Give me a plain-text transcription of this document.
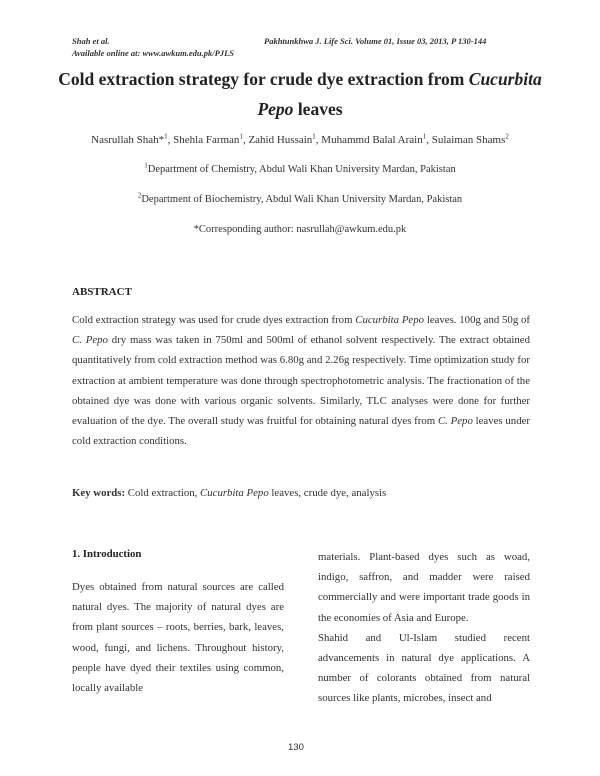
Shah et al.	Pakhtunkhwa J. Life Sci. Volume 01, Issue 03, 2013, P 130-144
Available online at: www.awkum.edu.pk/PJLS
Cold extraction strategy for crude dye extraction from Cucurbita
Pepo leaves
Nasrullah Shah*$^1$, Shehla Farman$^1$, Zahid Hussain$^1$, Muhammd Balal Arain$^1$, Sulaiman Shams$^2$
$^1$Department of Chemistry, Abdul Wali Khan University Mardan, Pakistan
$^2$Department of Biochemistry, Abdul Wali Khan University Mardan, Pakistan
*Corresponding author: nasrullah@awkum.edu.pk
ABSTRACT
Cold extraction strategy was used for crude dyes extraction from Cucurbita Pepo leaves. 100g and 50g of C. Pepo dry mass was taken in 750ml and 500ml of ethanol solvent respectively. The extract obtained quantitatively from cold extraction method was 6.80g and 2.26g respectively. Time optimization study for extraction at ambient temperature was done through spectrophotometric analysis. The fractionation of the obtained dye was done with various organic solvents. Similarly, TLC analyses were done for further evaluation of the dye. The overall study was fruitful for obtaining natural dyes from C. Pepo leaves under cold extraction conditions.
Key words: Cold extraction, Cucurbita Pepo leaves, crude dye, analysis
1. Introduction
Dyes obtained from natural sources are called natural dyes. The majority of natural dyes are from plant sources – roots, berries, bark, leaves, wood, fungi, and lichens. Throughout history, people have dyed their textiles using common, locally available
materials. Plant-based dyes such as woad, indigo, saffron, and madder were raised commercially and were important trade goods in the economies of Asia and Europe.
Shahid and Ul-Islam studied recent advancements in natural dye applications. A number of colorants obtained from natural sources like plants, microbes, insect and
130
